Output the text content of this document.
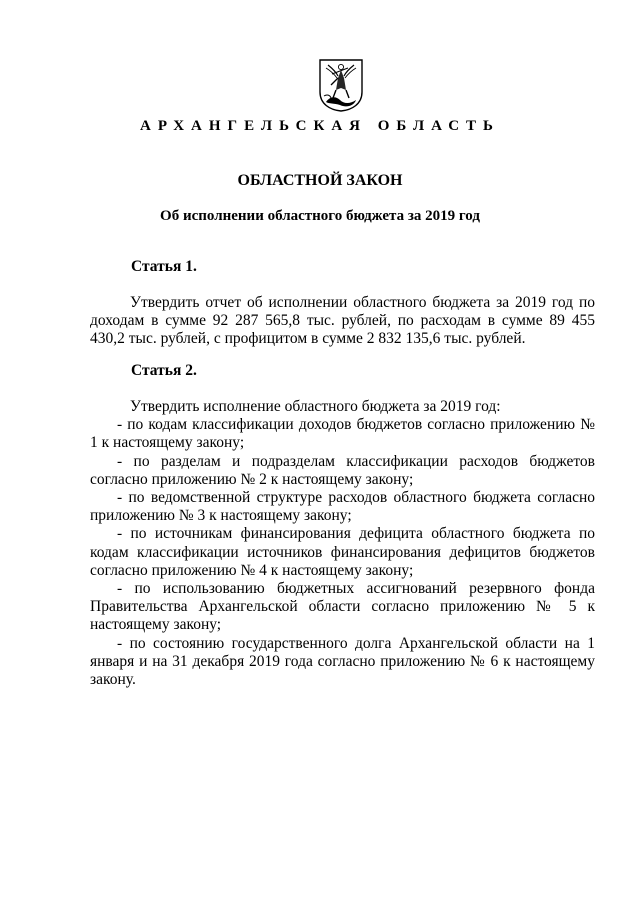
АРХАНГЕЛЬСКАЯ ОБЛАСТЬ
ОБЛАСТНОЙ ЗАКОН
Об исполнении областного бюджета за 2019 год
Статья 1.

Утвердить отчет об исполнении областного бюджета за 2019 год по доходам в сумме 92 287 565,8 тыс. рублей, по расходам в сумме 89 455 430,2 тыс. рублей, с профицитом в сумме 2 832 135,6 тыс. рублей.

Статья 2.

Утвердить исполнение областного бюджета за 2019 год:

- по кодам классификации доходов бюджетов согласно приложению № 1 к настоящему закону;

- по разделам и подразделам классификации расходов бюджетов согласно приложению № 2 к настоящему закону;

- по ведомственной структуре расходов областного бюджета согласно приложению № 3 к настоящему закону;

- по источникам финансирования дефицита областного бюджета по кодам классификации источников финансирования дефицитов бюджетов согласно приложению № 4 к настоящему закону;

- по использованию бюджетных ассигнований резервного фонда Правительства Архангельской области согласно приложению № 5 к настоящему закону;

- по состоянию государственного долга Архангельской области на 1 января и на 31 декабря 2019 года согласно приложению № 6 к настоящему закону.
